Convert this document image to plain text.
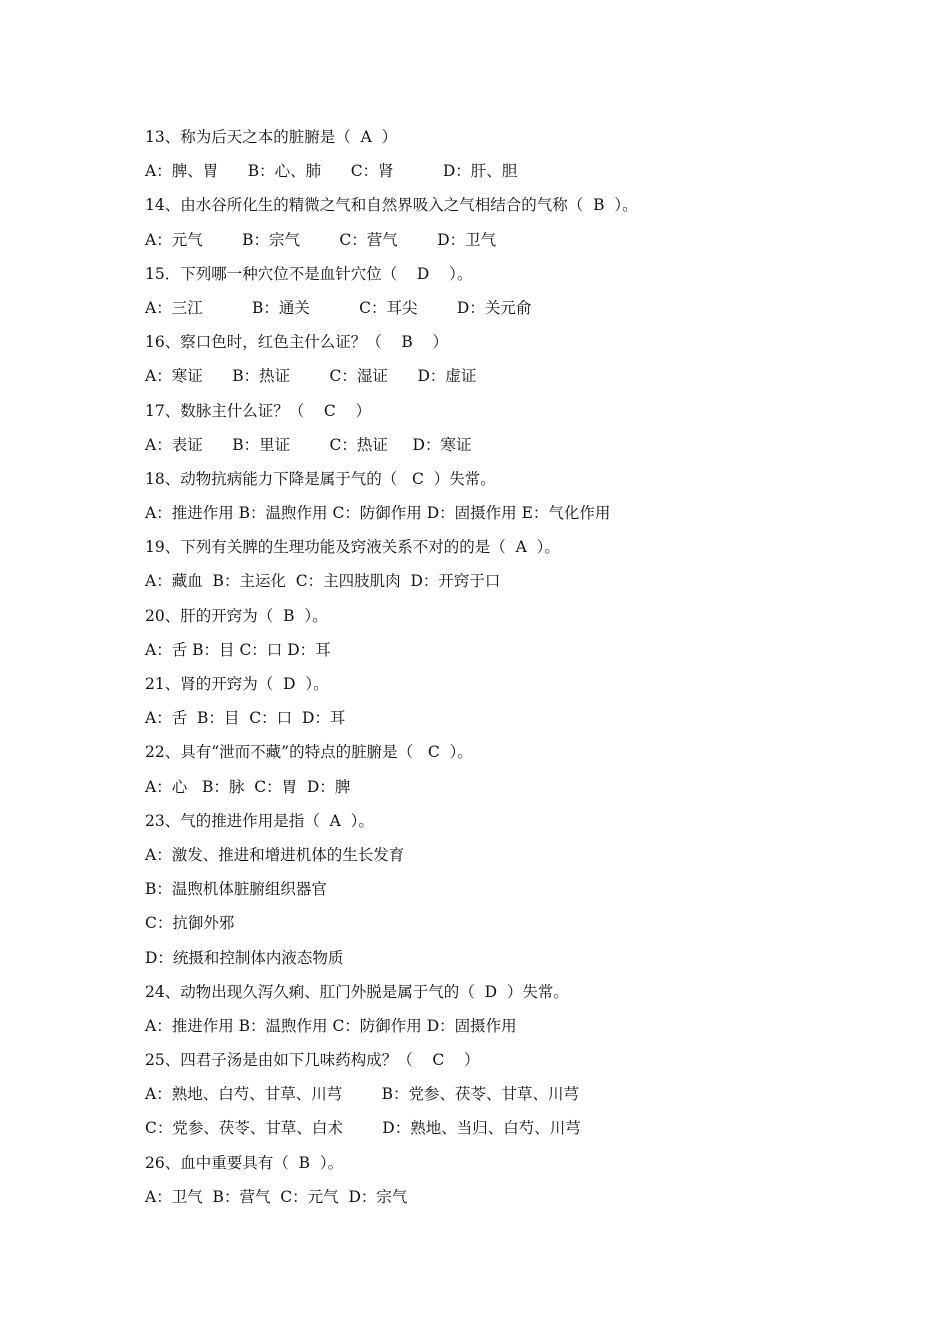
13、称为后天之本的脏腑是（  A  ）
A：脾、胃      B：心、肺      C：肾          D：肝、胆
14、由水谷所化生的精微之气和自然界吸入之气相结合的气称（  B  ）。
A：元气        B：宗气        C：营气        D：卫气
15．下列哪一种穴位不是血针穴位（    D    ）。
A：三江          B：通关          C：耳尖        D：关元俞
16、察口色时，红色主什么证？（    B    ）
A：寒证      B：热证        C：湿证      D：虚证
17、数脉主什么证？（    C    ）
A：表证      B：里证        C：热证     D：寒证
18、动物抗病能力下降是属于气的（   C  ）失常。
A：推进作用 B：温煦作用 C：防御作用 D：固摄作用 E：气化作用
19、下列有关脾的生理功能及窍液关系不对的的是（  A  ）。
A：藏血  B：主运化  C：主四肢肌肉  D：开窍于口
20、肝的开窍为（  B  ）。
A：舌 B：目 C：口 D：耳
21、肾的开窍为（  D  ）。
A：舌  B：目  C：口  D：耳
22、具有“泄而不藏”的特点的脏腑是（   C  ）。
A：心   B：脉  C：胃  D：脾
23、气的推进作用是指（  A  ）。
A：激发、推进和增进机体的生长发育
B：温煦机体脏腑组织器官
C：抗御外邪
D：统摄和控制体内液态物质
24、动物出现久泻久痢、肛门外脱是属于气的（  D  ）失常。
A：推进作用 B：温煦作用 C：防御作用 D：固摄作用
25、四君子汤是由如下几味药构成？（    C    ）
A：熟地、白芍、甘草、川芎        B：党参、茯苓、甘草、川芎
C：党参、茯苓、甘草、白术        D：熟地、当归、白芍、川芎
26、血中重要具有（  B  ）。
A：卫气  B：营气  C：元气  D：宗气
